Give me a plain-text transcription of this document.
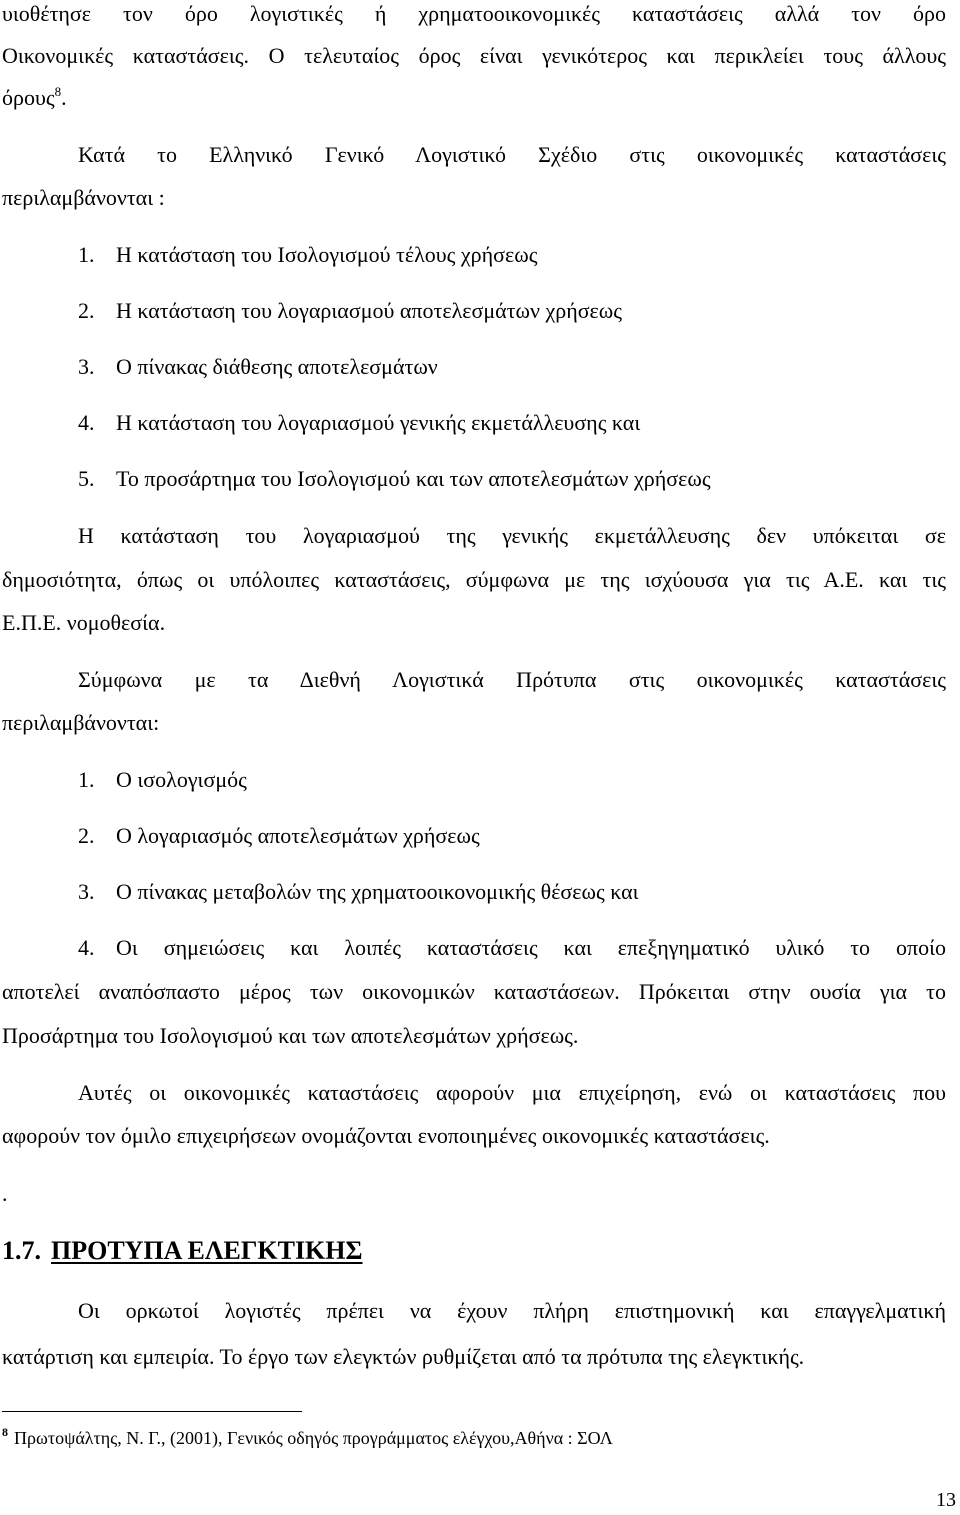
υιοθέτησε τον όρο λογιστικές ή χρηματοοικονομικές καταστάσεις αλλά τον όρο
Οικονομικές καταστάσεις. Ο τελευταίος όρος είναι γενικότερος και περικλείει τους άλλους
όρους$^8$.
Κατά το Ελληνικό Γενικό Λογιστικό Σχέδιο στις οικονομικές καταστάσεις
περιλαμβάνονται :
1. Η κατάσταση του Ισολογισμού τέλους χρήσεως
2. Η κατάσταση του λογαριασμού αποτελεσμάτων χρήσεως
3. Ο πίνακας διάθεσης αποτελεσμάτων
4. Η κατάσταση του λογαριασμού γενικής εκμετάλλευσης και
5. Το προσάρτημα του Ισολογισμού και των αποτελεσμάτων χρήσεως
Η κατάσταση του λογαριασμού της γενικής εκμετάλλευσης δεν υπόκειται σε
δημοσιότητα, όπως οι υπόλοιπες καταστάσεις, σύμφωνα με της ισχύουσα για τις Α.Ε. και τις
Ε.Π.Ε. νομοθεσία.
Σύμφωνα με τα Διεθνή Λογιστικά Πρότυπα στις οικονομικές καταστάσεις
περιλαμβάνονται:
1. Ο ισολογισμός
2. Ο λογαριασμός αποτελεσμάτων χρήσεως
3. Ο πίνακας μεταβολών της χρηματοοικονομικής θέσεως και
4. Οι σημειώσεις και λοιπές καταστάσεις και επεξηγηματικό υλικό το οποίο
αποτελεί αναπόσπαστο μέρος των οικονομικών καταστάσεων. Πρόκειται στην ουσία για το
Προσάρτημα του Ισολογισμού και των αποτελεσμάτων χρήσεως.
Αυτές οι οικονομικές καταστάσεις αφορούν μια επιχείρηση, ενώ οι καταστάσεις που
αφορούν τον όμιλο επιχειρήσεων ονομάζονται ενοποιημένες οικονομικές καταστάσεις.
.
1.7. ΠΡΟΤΥΠΑ ΕΛΕΓΚΤΙΚΗΣ
Οι ορκωτοί λογιστές πρέπει να έχουν πλήρη επιστημονική και επαγγελματική
κατάρτιση και εμπειρία. Το έργο των ελεγκτών ρυθμίζεται από τα πρότυπα της ελεγκτικής.
$^8$ Πρωτοψάλτης, Ν. Γ., (2001), Γενικός οδηγός προγράμματος ελέγχου,Αθήνα : ΣΟΛ
13
